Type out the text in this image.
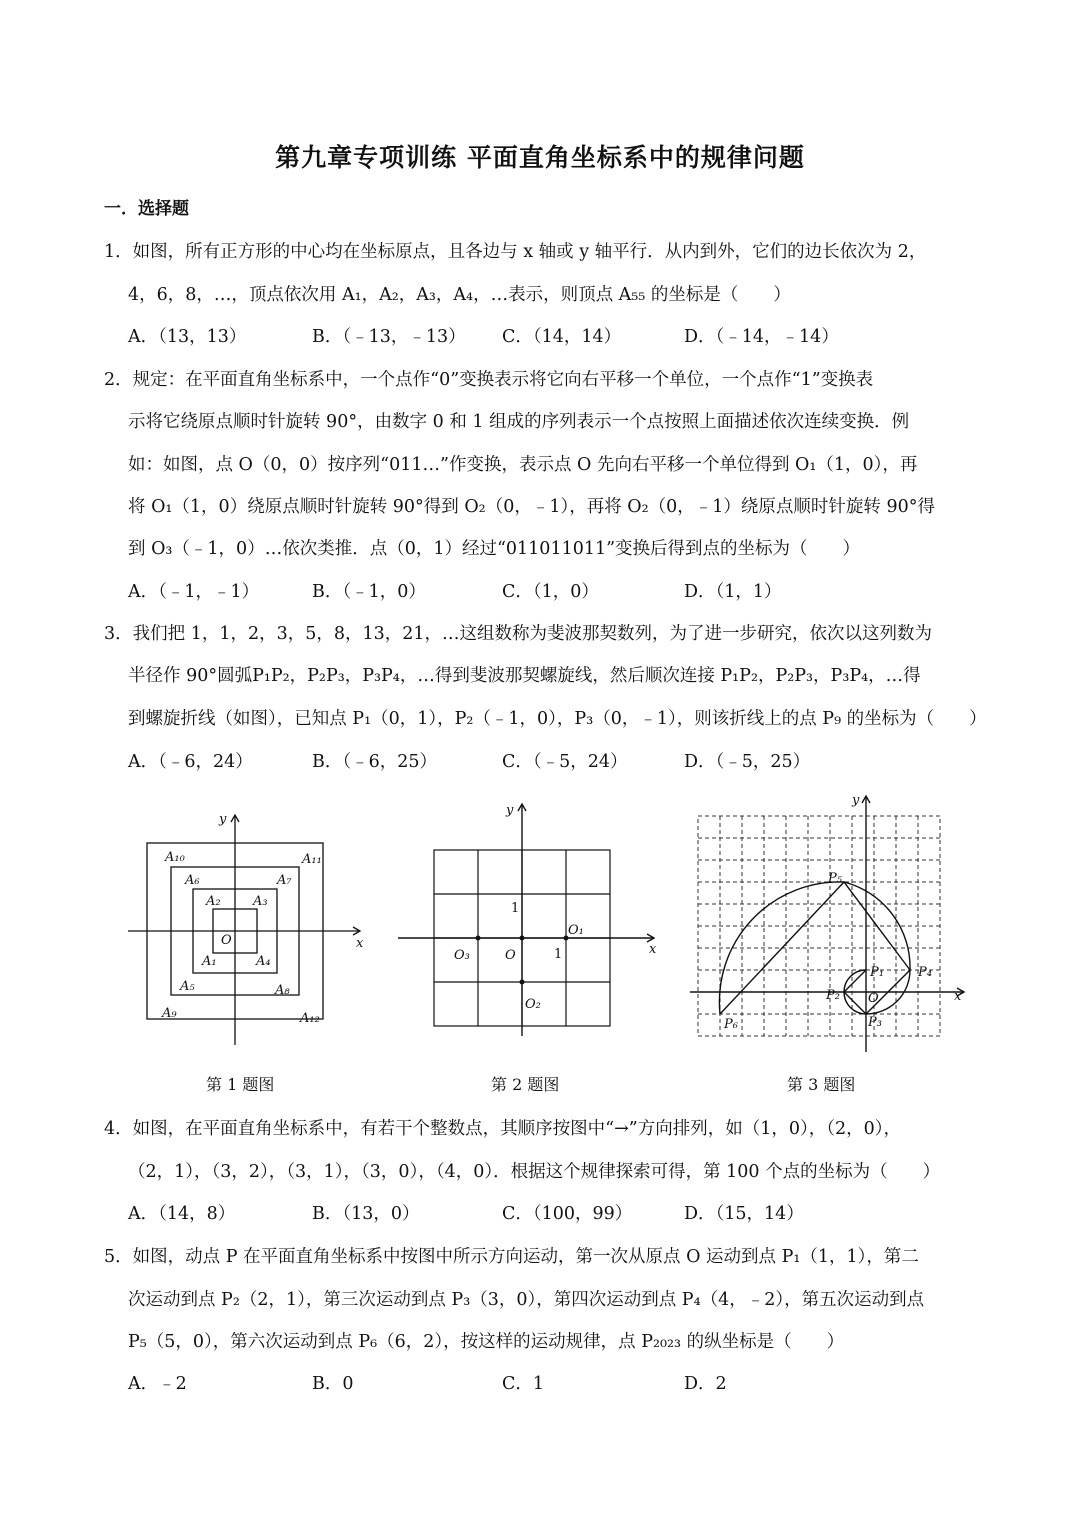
第九章专项训练 平面直角坐标系中的规律问题
一．选择题
1．如图，所有正方形的中心均在坐标原点，且各边与 x 轴或 y 轴平行．从内到外，它们的边长依次为 2，
4，6，8，…，顶点依次用 A₁，A₂，A₃，A₄，…表示，则顶点 A₅₅ 的坐标是（　　）
A．（13，13）	B．（﹣13，﹣13） C．（14，14）	D．（﹣14，﹣14）
2．规定：在平面直角坐标系中，一个点作“0”变换表示将它向右平移一个单位，一个点作“1”变换表
示将它绕原点顺时针旋转 90°，由数字 0 和 1 组成的序列表示一个点按照上面描述依次连续变换．例
如：如图，点 O（0，0）按序列“011…”作变换，表示点 O 先向右平移一个单位得到 O₁（1，0），再
将 O₁（1，0）绕原点顺时针旋转 90°得到 O₂（0，﹣1），再将 O₂（0，﹣1）绕原点顺时针旋转 90°得
到 O₃（﹣1，0）…依次类推．点（0，1）经过“011011011”变换后得到点的坐标为（　　）
A．（﹣1，﹣1）	B．（﹣1，0）	C．（1，0）	D．（1，1）
3．我们把 1，1，2，3，5，8，13，21，…这组数称为斐波那契数列，为了进一步研究，依次以这列数为
半径作 90°圆弧P₁P₂，P₂P₃，P₃P₄，…得到斐波那契螺旋线，然后顺次连接 P₁P₂，P₂P₃，P₃P₄，…得
到螺旋折线（如图），已知点 P₁（0，1），P₂（﹣1，0），P₃（0，﹣1），则该折线上的点 P₉ 的坐标为（　　）
A．（﹣6，24）	B．（﹣6，25）	C．（﹣5，24）	D．（﹣5，25）
y
x
O
A₁
A₂ A₃
A₄
A₅
A₆	A₇
A₈
A₉
A₁₀	A₁₁
A₁₂
y
x
O
O₁
O₂
O₃	1
1
y
x
O
P₁
P₂
P₃
P₄
P₅
P₆
第 1 题图	第 2 题图	第 3 题图
4．如图，在平面直角坐标系中，有若干个整数点，其顺序按图中“→”方向排列，如（1，0），（2，0），
（2，1），（3，2），（3，1），（3，0），（4，0）．根据这个规律探索可得，第 100 个点的坐标为（　　）
A．（14，8）	B．（13，0）	C．（100，99）	D．（15，14）
5．如图，动点 P 在平面直角坐标系中按图中所示方向运动，第一次从原点 O 运动到点 P₁（1，1），第二
次运动到点 P₂（2，1），第三次运动到点 P₃（3，0），第四次运动到点 P₄（4，﹣2），第五次运动到点
P₅（5，0），第六次运动到点 P₆（6，2），按这样的运动规律，点 P₂₀₂₃ 的纵坐标是（　　）
A．﹣2	B．0	C．1	D．2
